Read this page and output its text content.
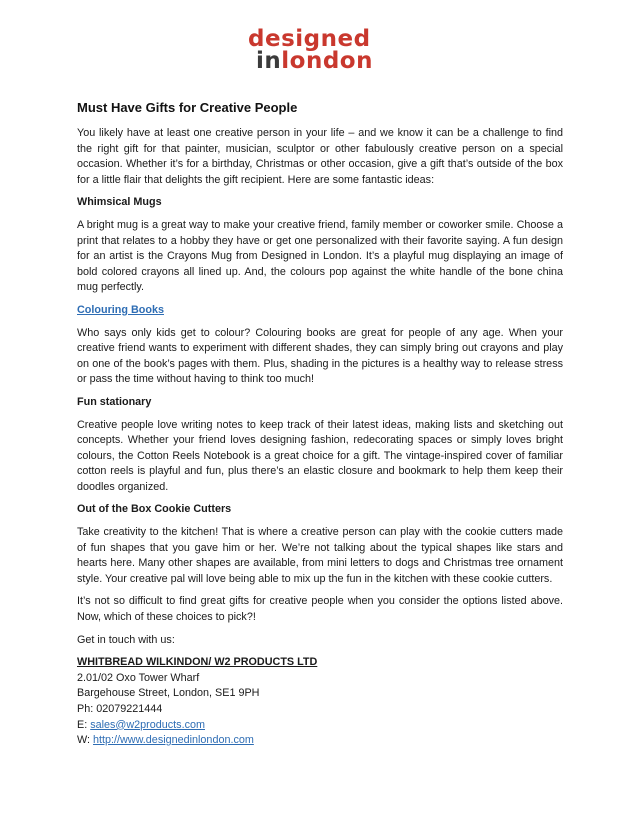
designed
inlondon
Must Have Gifts for Creative People

You likely have at least one creative person in your life – and we know it can be a challenge to find the right gift for that painter, musician, sculptor or other fabulously creative person on a special occasion. Whether it’s for a birthday, Christmas or other occasion, give a gift that’s outside of the box for a little flair that delights the gift recipient. Here are some fantastic ideas:

Whimsical Mugs

A bright mug is a great way to make your creative friend, family member or coworker smile. Choose a print that relates to a hobby they have or get one personalized with their favorite saying. A fun design for an artist is the Crayons Mug from Designed in London. It’s a playful mug displaying an image of bold colored crayons all lined up. And, the colours pop against the white handle of the bone china mug perfectly.

Colouring Books

Who says only kids get to colour? Colouring books are great for people of any age. When your creative friend wants to experiment with different shades, they can simply bring out crayons and play on one of the book’s pages with them. Plus, shading in the pictures is a healthy way to release stress or pass the time without having to think too much!

Fun stationary

Creative people love writing notes to keep track of their latest ideas, making lists and sketching out concepts. Whether your friend loves designing fashion, redecorating spaces or simply loves bright colours, the Cotton Reels Notebook is a great choice for a gift. The vintage-inspired cover of familiar cotton reels is playful and fun, plus there’s an elastic closure and bookmark to help them keep their doodles organized.

Out of the Box Cookie Cutters

Take creativity to the kitchen! That is where a creative person can play with the cookie cutters made of fun shapes that you gave him or her. We’re not talking about the typical shapes like stars and hearts here. Many other shapes are available, from mini letters to dogs and Christmas tree ornament style. Your creative pal will love being able to mix up the fun in the kitchen with these cookie cutters.

It’s not so difficult to find great gifts for creative people when you consider the options listed above. Now, which of these choices to pick?!

Get in touch with us:

WHITBREAD WILKINDON/ W2 PRODUCTS LTD
2.01/02 Oxo Tower Wharf
Bargehouse Street, London, SE1 9PH
Ph: 02079221444
E: sales@w2products.com
W: http://www.designedinlondon.com
